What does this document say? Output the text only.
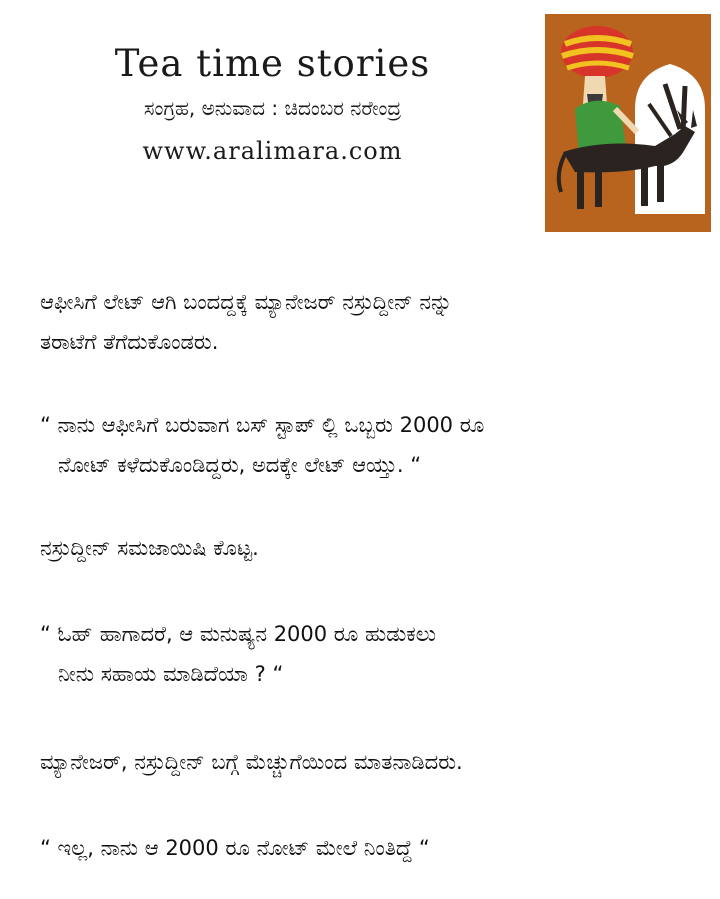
Tea time stories
ಸಂಗ್ರಹ, ಅನುವಾದ : ಚಿದಂಬರ ನರೇಂದ್ರ
www.aralimara.com
ಆಫೀಸಿಗೆ ಲೇಟ್ ಆಗಿ ಬಂದದ್ದಕ್ಕೆ ಮ್ಯಾನೇಜರ್ ನಸ್ರುದ್ದೀನ್ ನನ್ನು
ತರಾಟೆಗೆ ತೆಗೆದುಕೊಂಡರು.
“ ನಾನು ಆಫೀಸಿಗೆ ಬರುವಾಗ ಬಸ್ ಸ್ಟಾಪ್ ಲ್ಲಿ ಒಬ್ಬರು 2000 ರೂ
ನೋಟ್ ಕಳೆದುಕೊಂಡಿದ್ದರು, ಅದಕ್ಕೇ ಲೇಟ್ ಆಯ್ತು. “
ನಸ್ರುದ್ದೀನ್ ಸಮಜಾಯಿಷಿ ಕೊಟ್ಟ.
“ ಓಹ್ ಹಾಗಾದರೆ, ಆ ಮನುಷ್ಯನ 2000 ರೂ ಹುಡುಕಲು
ನೀನು ಸಹಾಯ ಮಾಡಿದೆಯಾ ? “
ಮ್ಯಾನೇಜರ್, ನಸ್ರುದ್ದೀನ್ ಬಗ್ಗೆ ಮೆಚ್ಚುಗೆಯಿಂದ ಮಾತನಾಡಿದರು.
“ ಇಲ್ಲ, ನಾನು ಆ 2000 ರೂ ನೋಟ್ ಮೇಲೆ ನಿಂತಿದ್ದೆ “
